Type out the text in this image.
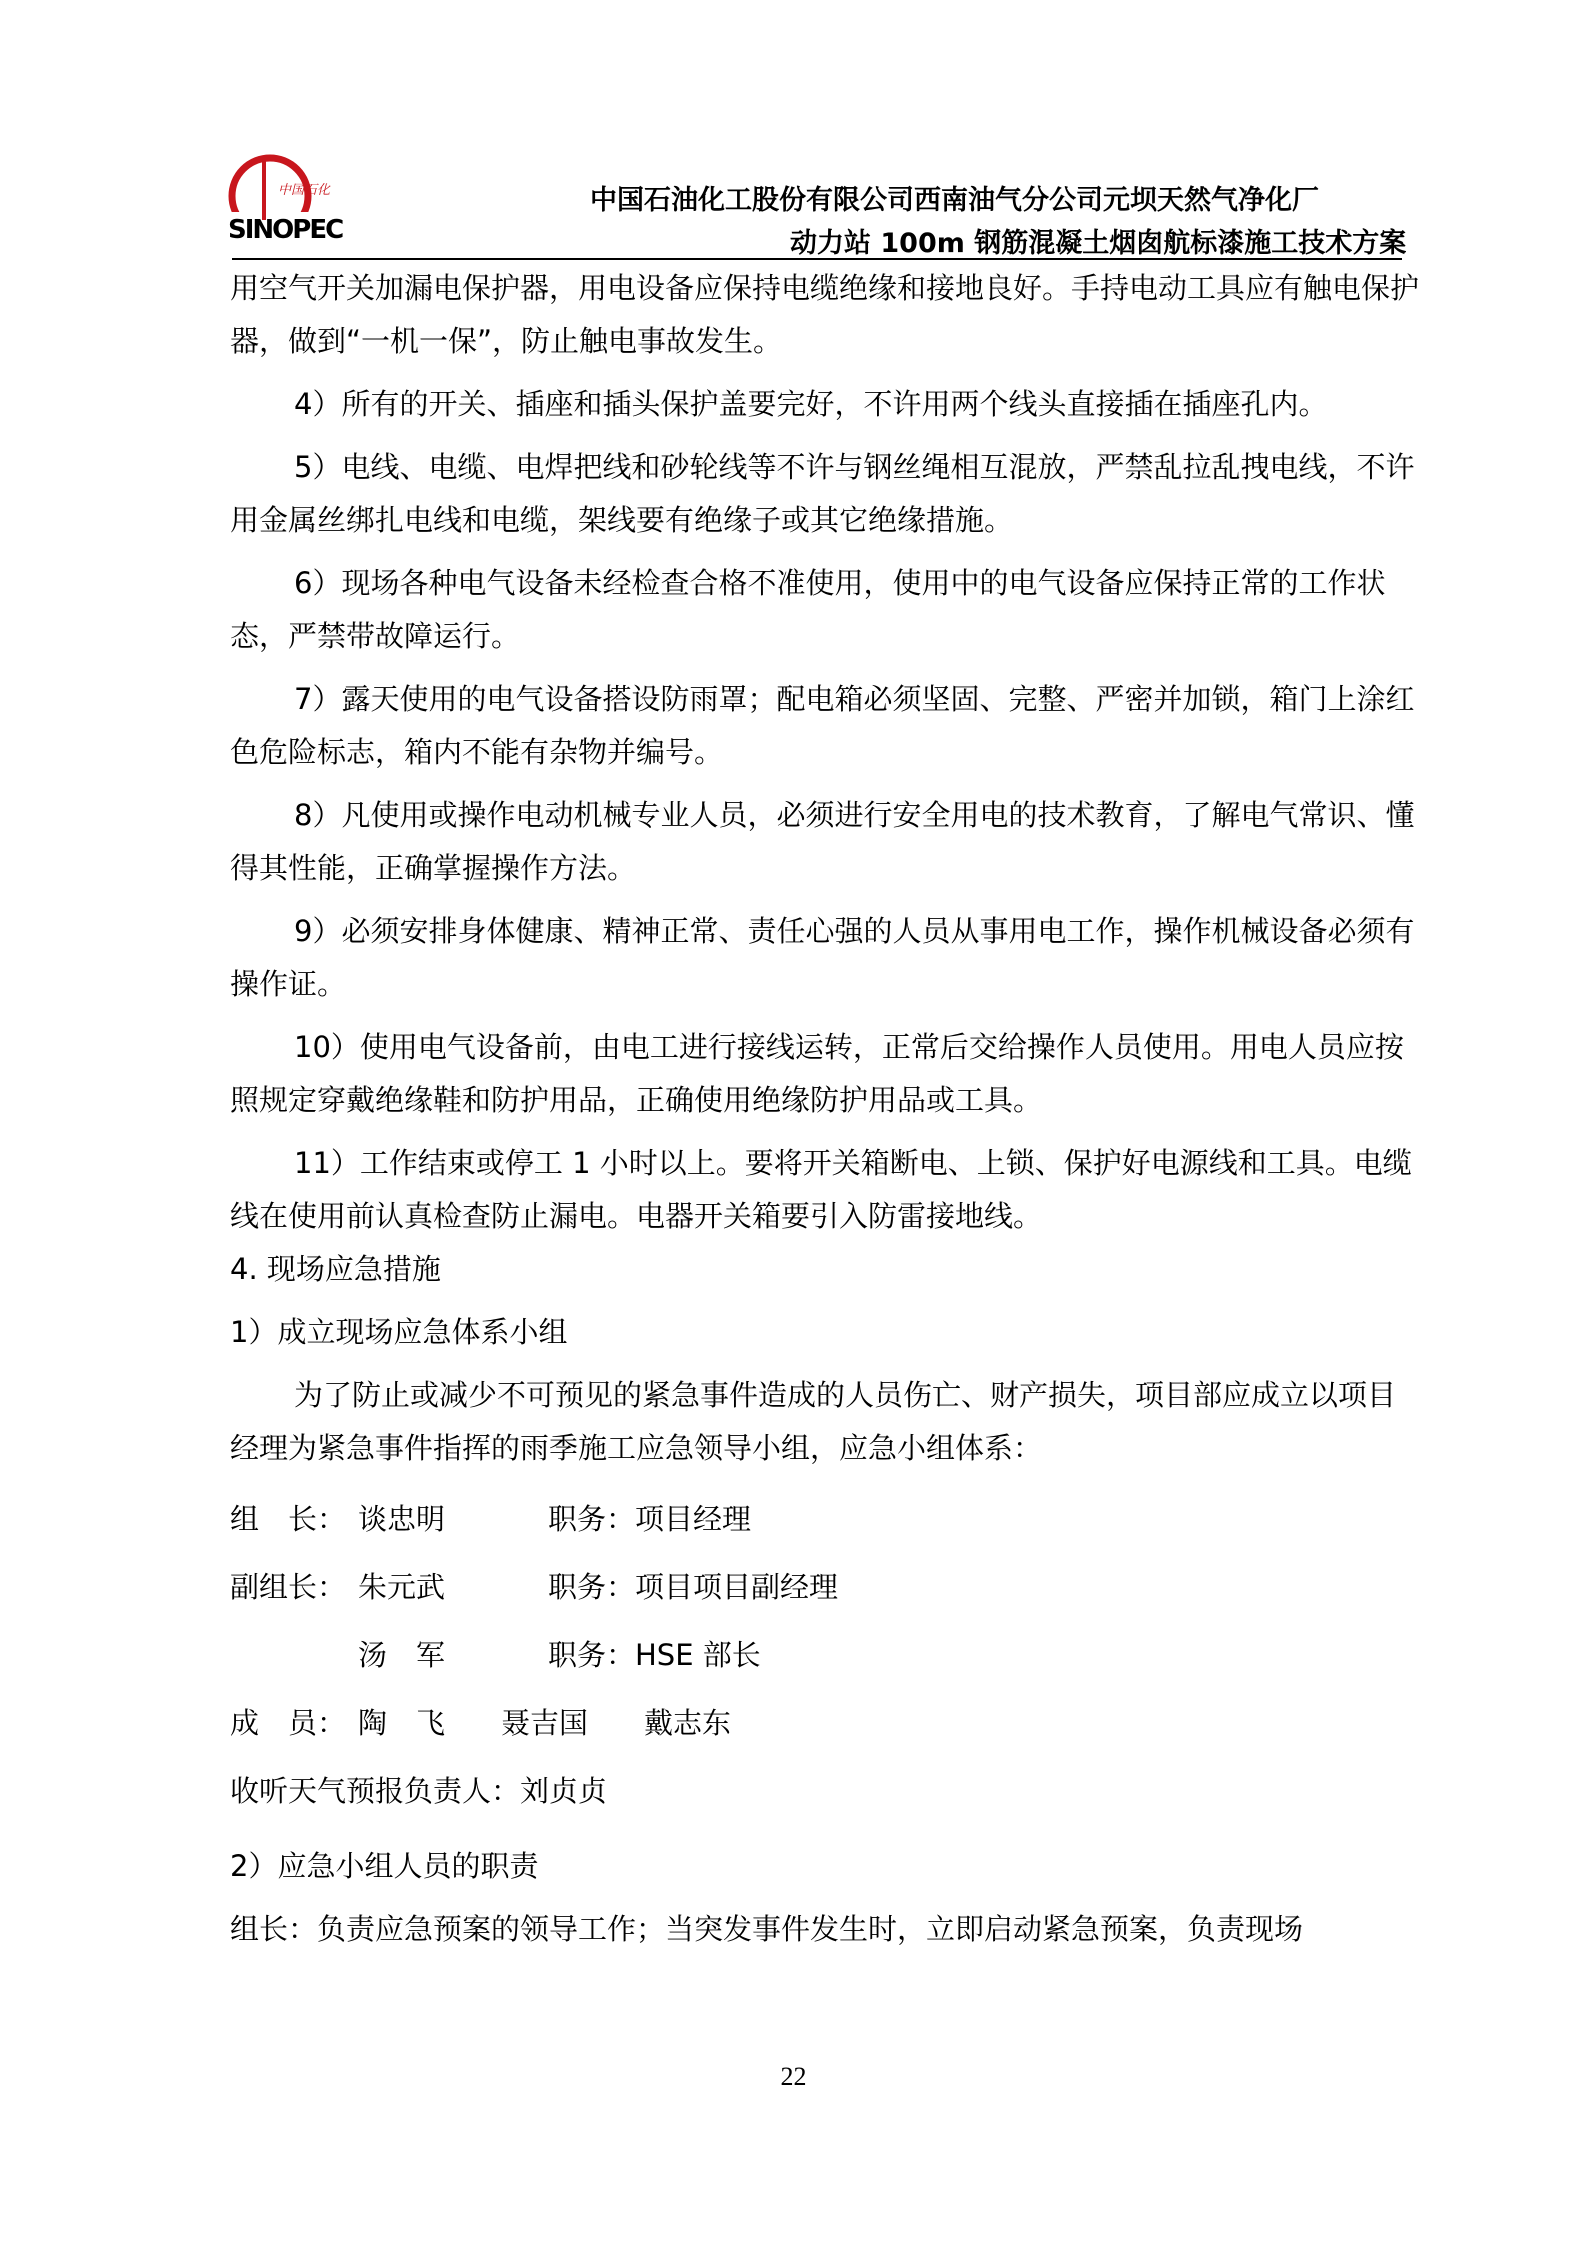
中国石化
SINOPEC
中国石油化工股份有限公司西南油气分公司元坝天然气净化厂
动力站 100m 钢筋混凝土烟囱航标漆施工技术方案

用空气开关加漏电保护器，用电设备应保持电缆绝缘和接地良好。手持电动工具应有触电保护器，做到“一机一保”，防止触电事故发生。

4）所有的开关、插座和插头保护盖要完好，不许用两个线头直接插在插座孔内。

5）电线、电缆、电焊把线和砂轮线等不许与钢丝绳相互混放，严禁乱拉乱拽电线，不许用金属丝绑扎电线和电缆，架线要有绝缘子或其它绝缘措施。

6）现场各种电气设备未经检查合格不准使用，使用中的电气设备应保持正常的工作状态，严禁带故障运行。

7）露天使用的电气设备搭设防雨罩；配电箱必须坚固、完整、严密并加锁，箱门上涂红色危险标志，箱内不能有杂物并编号。

8）凡使用或操作电动机械专业人员，必须进行安全用电的技术教育，了解电气常识、懂得其性能，正确掌握操作方法。

9）必须安排身体健康、精神正常、责任心强的人员从事用电工作，操作机械设备必须有操作证。

10）使用电气设备前，由电工进行接线运转，正常后交给操作人员使用。用电人员应按照规定穿戴绝缘鞋和防护用品，正确使用绝缘防护用品或工具。

11）工作结束或停工 1 小时以上。要将开关箱断电、上锁、保护好电源线和工具。电缆线在使用前认真检查防止漏电。电器开关箱要引入防雷接地线。

4. 现场应急措施

1）成立现场应急体系小组

为了防止或减少不可预见的紧急事件造成的人员伤亡、财产损失，项目部应成立以项目经理为紧急事件指挥的雨季施工应急领导小组，应急小组体系：

组　长： 谈忠明	职务：项目经理

副组长： 朱元武	职务：项目项目副经理

汤　军	职务：HSE 部长

成　员： 陶　飞 聂吉国 戴志东

收听天气预报负责人：刘贞贞

2）应急小组人员的职责

组长：负责应急预案的领导工作；当突发事件发生时，立即启动紧急预案，负责现场

22
